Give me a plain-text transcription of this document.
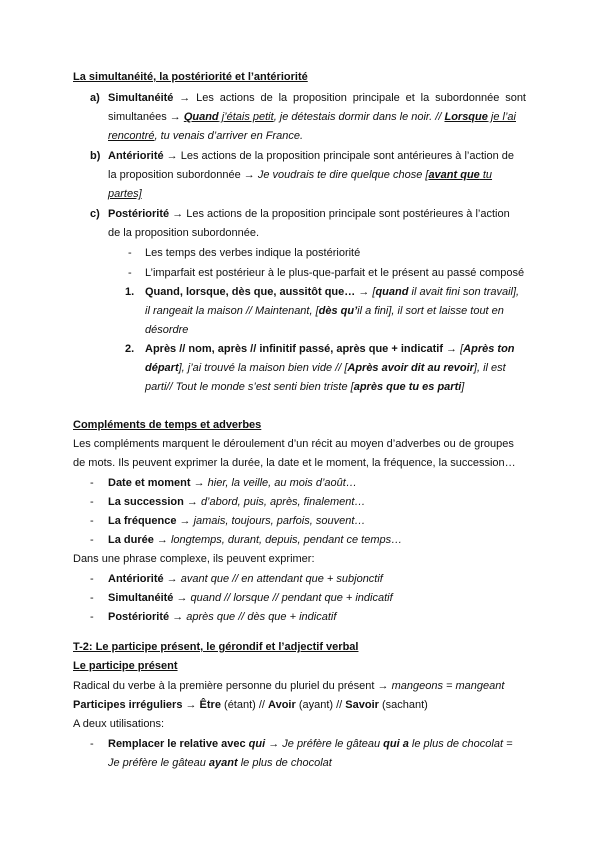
La simultanéité, la postériorité et l’antériorité
a) Simultanéité → Les actions de la proposition principale et la subordonnée sont
simultanées → Quand j’étais petit, je détestais dormir dans le noir. // Lorsque je l’ai
rencontré, tu venais d’arriver en France.
b) Antériorité → Les actions de la proposition principale sont antérieures à l’action de
la proposition subordonnée → Je voudrais te dire quelque chose [avant que tu
partes]
c) Postériorité → Les actions de la proposition principale sont postérieures à l’action
de la proposition subordonnée.
- Les temps des verbes indique la postériorité
- L’imparfait est postérieur à le plus-que-parfait et le présent au passé composé
1. Quand, lorsque, dès que, aussitôt que… → [quand il avait fini son travail],
il rangeait la maison // Maintenant, [dès qu’il a fini], il sort et laisse tout en
désordre
2. Après // nom, après // infinitif passé, après que + indicatif → [Après ton
départ], j’ai trouvé la maison bien vide // [Après avoir dit au revoir], il est
parti// Tout le monde s’est senti bien triste [après que tu es parti]
Compléments de temps et adverbes
Les compléments marquent le déroulement d’un récit au moyen d’adverbes ou de groupes
de mots. Ils peuvent exprimer la durée, la date et le moment, la fréquence, la succession…
- Date et moment → hier, la veille, au mois d’août…
- La succession → d’abord, puis, après, finalement…
- La fréquence → jamais, toujours, parfois, souvent…
- La durée → longtemps, durant, depuis, pendant ce temps…
Dans une phrase complexe, ils peuvent exprimer:
- Antériorité → avant que // en attendant que + subjonctif
- Simultanéité → quand // lorsque // pendant que + indicatif
- Postériorité → après que // dès que + indicatif
T-2: Le participe présent, le gérondif et l’adjectif verbal
Le participe présent
Radical du verbe à la première personne du pluriel du présent → mangeons = mangeant
Participes irréguliers → Être (étant) // Avoir (ayant) // Savoir (sachant)
A deux utilisations:
- Remplacer le relative avec qui → Je préfère le gâteau qui a le plus de chocolat =
Je préfère le gâteau ayant le plus de chocolat
